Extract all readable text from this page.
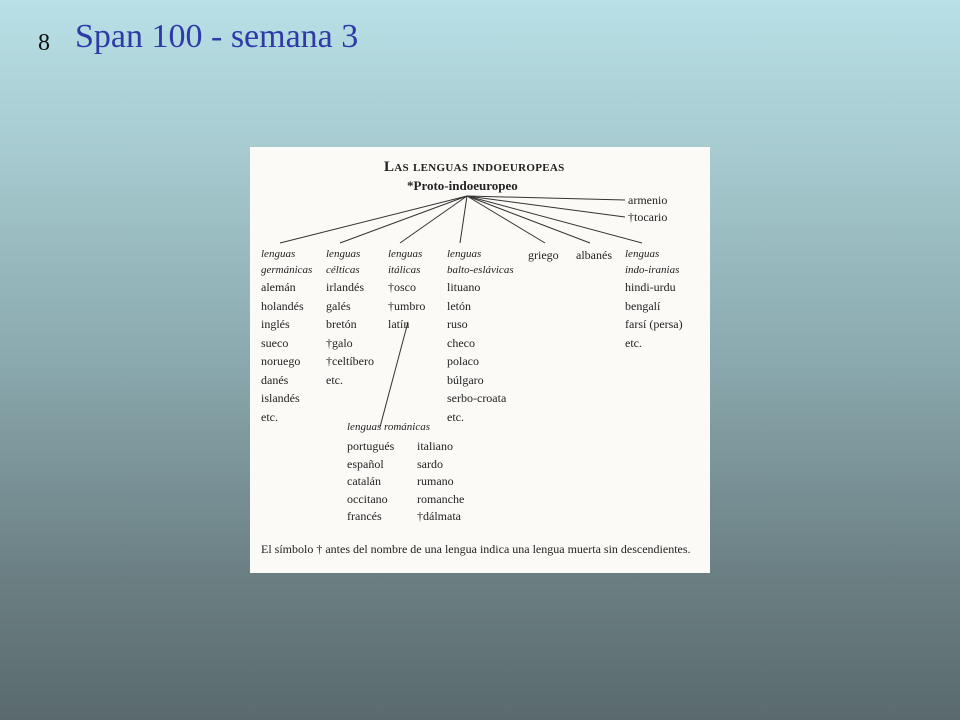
8 Span 100 - semana 3
Las lenguas indoeuropeas
*Proto-indoeuropeo
armenio
†tocario
lenguas
germánicas
alemán
holandés
inglés
sueco
noruego
danés
islandés
etc.
lenguas
célticas
irlandés
galés
bretón
†galo
†celtíbero
etc.
lenguas
itálicas
†osco
†umbro
latín
lenguas
balto-eslávicas
lituano
letón
ruso
checo
polaco
búlgaro
serbo-croata
etc.
griego albanés lenguas
indo-iranias
hindi-urdu
bengalí
farsí (persa)
etc.
lenguas románicas
portugués
español
catalán
occitano
francés
italiano
sardo
rumano
romanche
†dálmata
El símbolo † antes del nombre de una lengua indica una lengua muerta sin descendientes.
